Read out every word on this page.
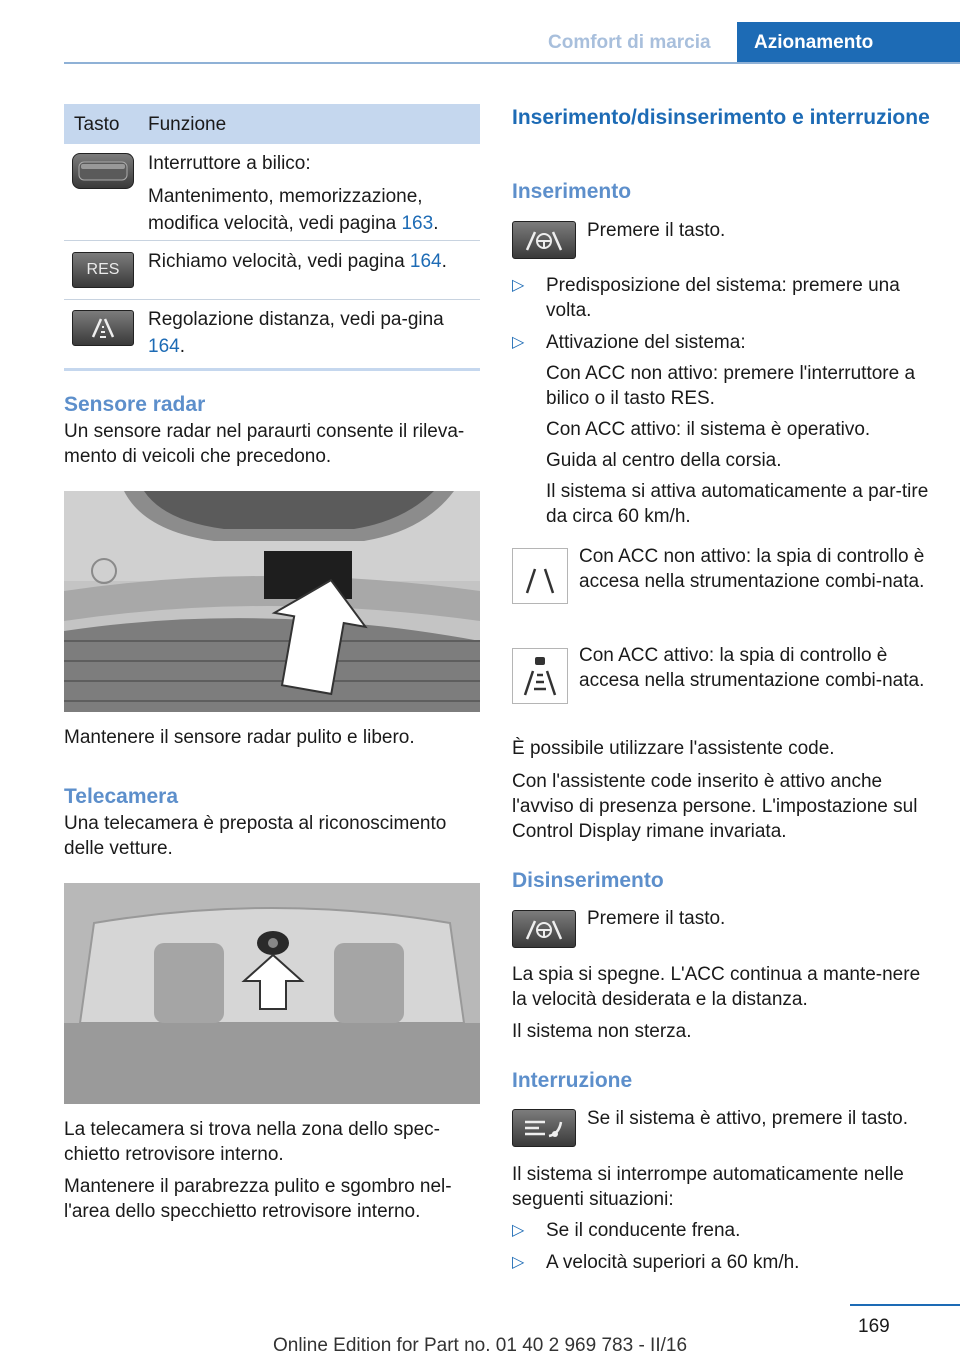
Comfort di marcia	Azionamento
Tasto Funzione

Interruttore a bilico:

Mantenimento, memorizzazione, modifica velocità, vedi pagina 163.

RES Richiamo velocità, vedi pagina 164.

Regolazione distanza, vedi pa-gina 164.

Sensore radar
Un sensore radar nel paraurti consente il rileva-mento di veicoli che precedono.
Mantenere il sensore radar pulito e libero.
Telecamera
Una telecamera è preposta al riconoscimento delle vetture.
La telecamera si trova nella zona dello spec-chietto retrovisore interno.
Mantenere il parabrezza pulito e sgombro nel-l'area dello specchietto retrovisore interno.
Inserimento/disinserimento e interruzione
Inserimento
Premere il tasto.
▷ Predisposizione del sistema: premere una volta.
▷ Attivazione del sistema:
Con ACC non attivo: premere l'interruttore a bilico o il tasto RES.
Con ACC attivo: il sistema è operativo.
Guida al centro della corsia.
Il sistema si attiva automaticamente a par-tire da circa 60 km/h.
Con ACC non attivo: la spia di controllo è accesa nella strumentazione combi-nata.
Con ACC attivo: la spia di controllo è accesa nella strumentazione combi-nata.
È possibile utilizzare l'assistente code.
Con l'assistente code inserito è attivo anche l'avviso di presenza persone. L'impostazione sul Control Display rimane invariata.
Disinserimento
Premere il tasto.
La spia si spegne. L'ACC continua a mante-nere la velocità desiderata e la distanza.
Il sistema non sterza.
Interruzione
Se il sistema è attivo, premere il tasto.
Il sistema si interrompe automaticamente nelle seguenti situazioni:
▷ Se il conducente frena.
▷ A velocità superiori a 60 km/h.
169
Online Edition for Part no. 01 40 2 969 783 - II/16
